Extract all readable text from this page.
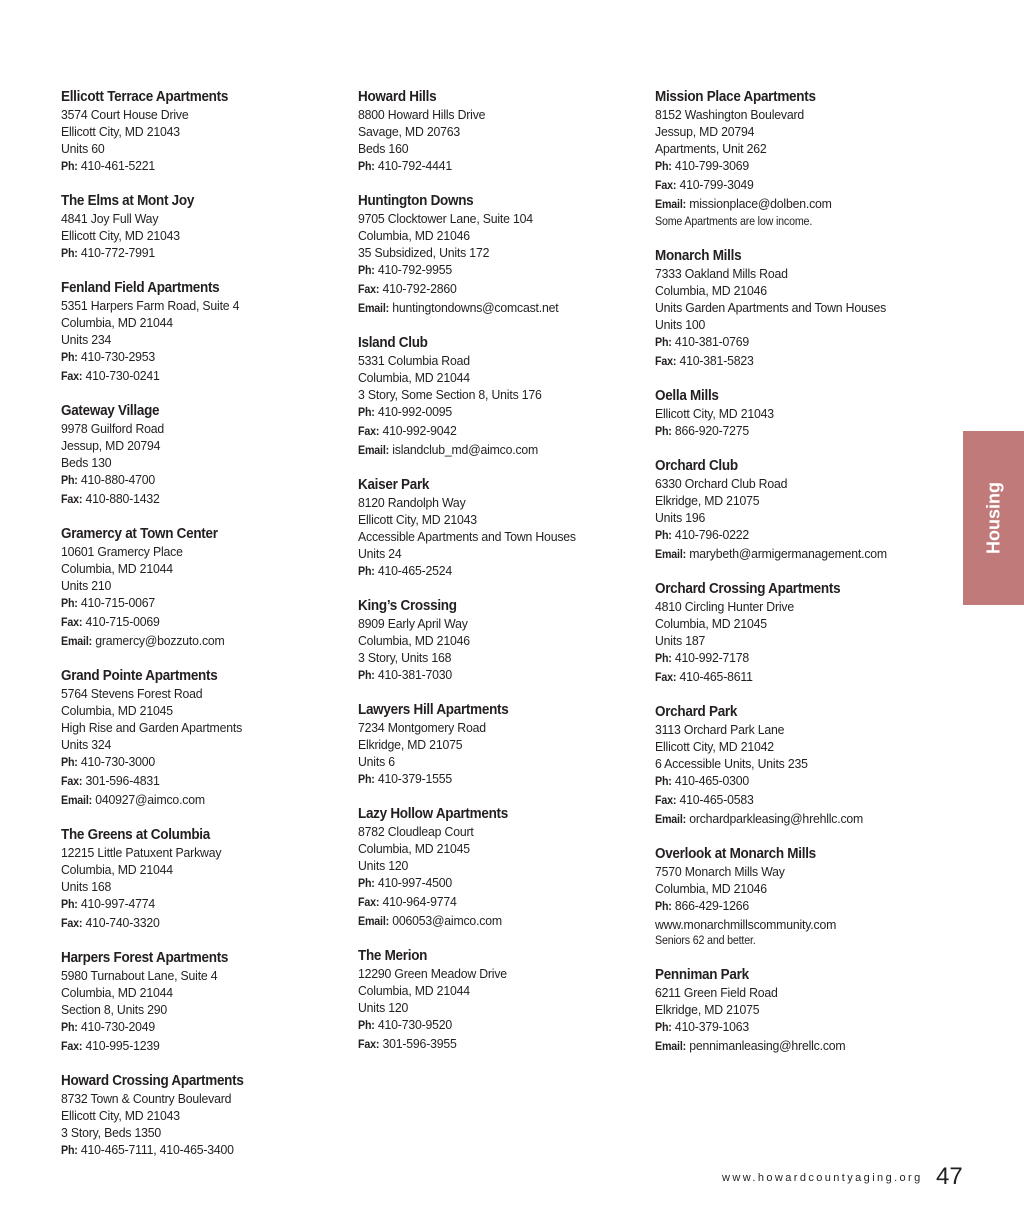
Ellicott Terrace Apartments
3574 Court House Drive
Ellicott City, MD 21043
Units 60
Ph: 410-461-5221
The Elms at Mont Joy
4841 Joy Full Way
Ellicott City, MD 21043
Ph: 410-772-7991
Fenland Field Apartments
5351 Harpers Farm Road, Suite 4
Columbia, MD 21044
Units 234
Ph: 410-730-2953
Fax: 410-730-0241
Gateway Village
9978 Guilford Road
Jessup, MD 20794
Beds 130
Ph: 410-880-4700
Fax: 410-880-1432
Gramercy at Town Center
10601 Gramercy Place
Columbia, MD 21044
Units 210
Ph: 410-715-0067
Fax: 410-715-0069
Email: gramercy@bozzuto.com
Grand Pointe Apartments
5764 Stevens Forest Road
Columbia, MD 21045
High Rise and Garden Apartments
Units 324
Ph: 410-730-3000
Fax: 301-596-4831
Email: 040927@aimco.com
The Greens at Columbia
12215 Little Patuxent Parkway
Columbia, MD 21044
Units 168
Ph: 410-997-4774
Fax: 410-740-3320
Harpers Forest Apartments
5980 Turnabout Lane, Suite 4
Columbia, MD 21044
Section 8, Units 290
Ph: 410-730-2049
Fax: 410-995-1239
Howard Crossing Apartments
8732 Town & Country Boulevard
Ellicott City, MD 21043
3 Story, Beds 1350
Ph: 410-465-7111, 410-465-3400
Howard Hills
8800 Howard Hills Drive
Savage, MD 20763
Beds 160
Ph: 410-792-4441
Huntington Downs
9705 Clocktower Lane, Suite 104
Columbia, MD 21046
35 Subsidized, Units 172
Ph: 410-792-9955
Fax: 410-792-2860
Email: huntingtondowns@comcast.net
Island Club
5331 Columbia Road
Columbia, MD 21044
3 Story, Some Section 8, Units 176
Ph: 410-992-0095
Fax: 410-992-9042
Email: islandclub_md@aimco.com
Kaiser Park
8120 Randolph Way
Ellicott City, MD 21043
Accessible Apartments and Town Houses
Units 24
Ph: 410-465-2524
King’s Crossing
8909 Early April Way
Columbia, MD 21046
3 Story, Units 168
Ph: 410-381-7030
Lawyers Hill Apartments
7234 Montgomery Road
Elkridge, MD 21075
Units 6
Ph: 410-379-1555
Lazy Hollow Apartments
8782 Cloudleap Court
Columbia, MD 21045
Units 120
Ph: 410-997-4500
Fax: 410-964-9774
Email: 006053@aimco.com
The Merion
12290 Green Meadow Drive
Columbia, MD 21044
Units 120
Ph: 410-730-9520
Fax: 301-596-3955
Mission Place Apartments
8152 Washington Boulevard
Jessup, MD 20794
Apartments, Unit 262
Ph: 410-799-3069
Fax: 410-799-3049
Email: missionplace@dolben.com
Some Apartments are low income.
Monarch Mills
7333 Oakland Mills Road
Columbia, MD 21046
Units Garden Apartments and Town Houses
Units 100
Ph: 410-381-0769
Fax: 410-381-5823
Oella Mills
Ellicott City, MD 21043
Ph: 866-920-7275
Orchard Club
6330 Orchard Club Road
Elkridge, MD 21075
Units 196
Ph: 410-796-0222
Email: marybeth@armigermanagement.com
Orchard Crossing Apartments
4810 Circling Hunter Drive
Columbia, MD 21045
Units 187
Ph: 410-992-7178
Fax: 410-465-8611
Orchard Park
3113 Orchard Park Lane
Ellicott City, MD 21042
6 Accessible Units, Units 235
Ph: 410-465-0300
Fax: 410-465-0583
Email: orchardparkleasing@hrehllc.com
Overlook at Monarch Mills
7570 Monarch Mills Way
Columbia, MD 21046
Ph: 866-429-1266
www.monarchmillscommunity.com
Seniors 62 and better.
Penniman Park
6211 Green Field Road
Elkridge, MD 21075
Ph: 410-379-1063
Email: pennimanleasing@hrellc.com
Housing
www.howardcountyaging.org 47
